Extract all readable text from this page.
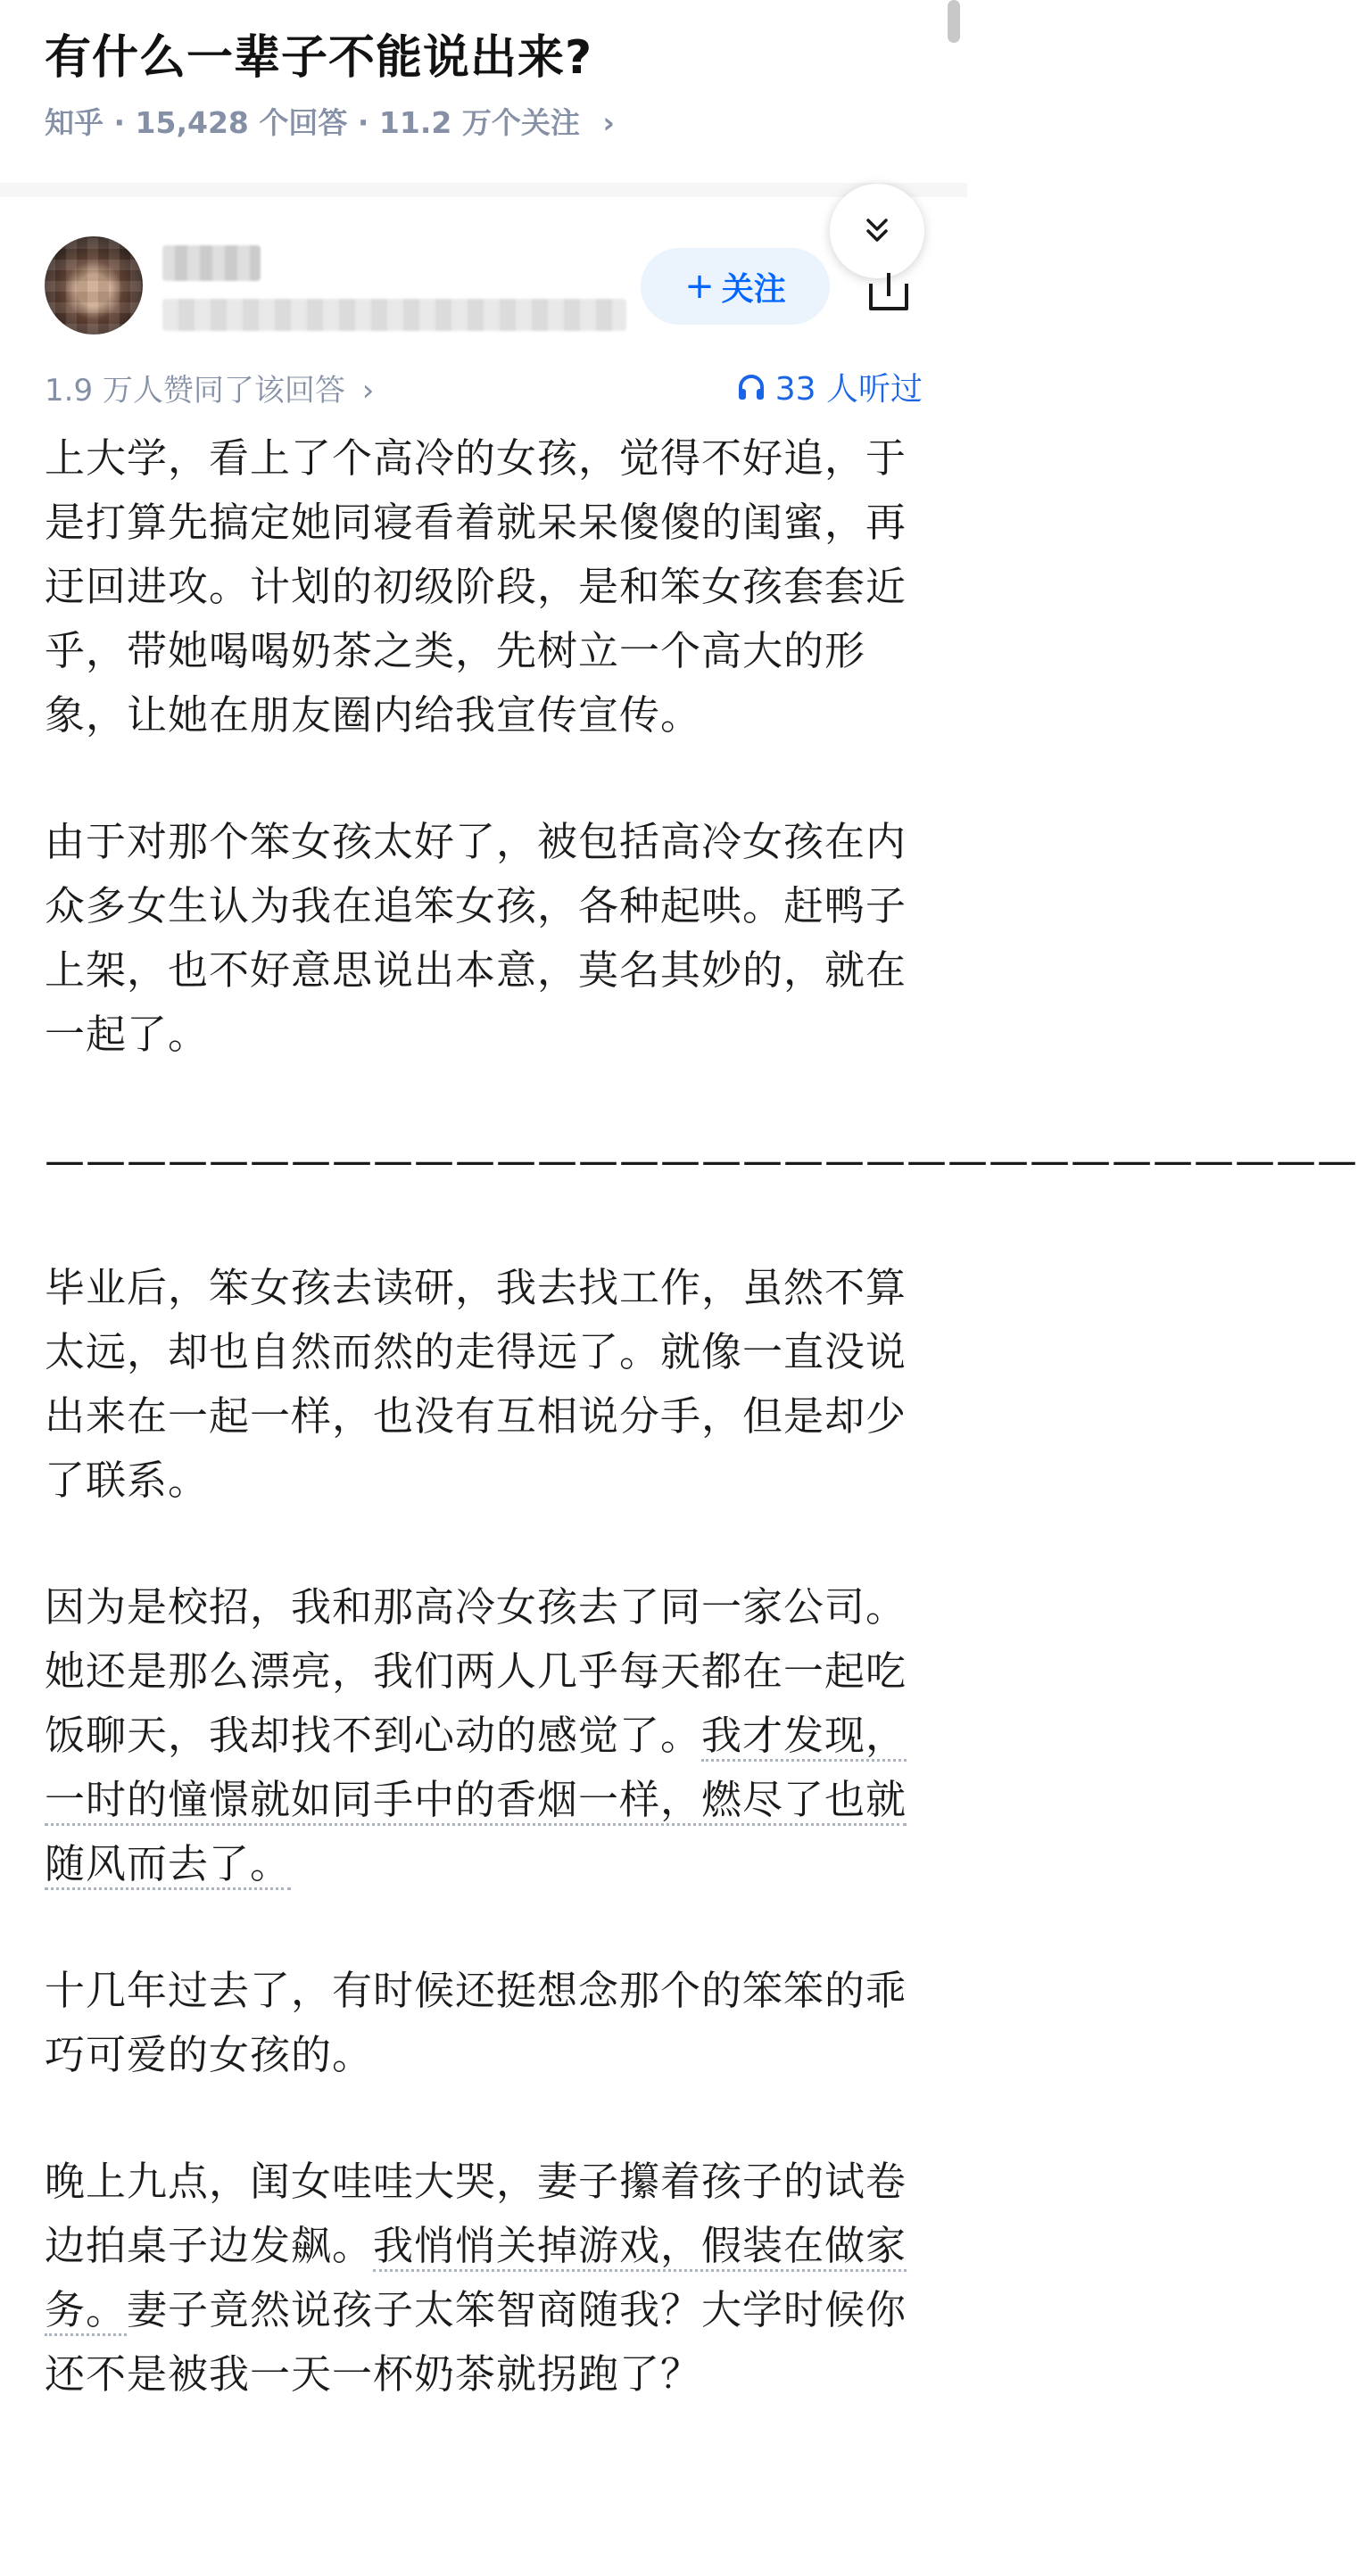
有什么一辈子不能说出来?
知乎 · 15,428 个回答 · 11.2 万个关注 ›
+ 关注
1.9 万人赞同了该回答 ›	33 人听过

上大学，看上了个高冷的女孩，觉得不好追，于是打算先搞定她同寝看着就呆呆傻傻的闺蜜，再迂回进攻。计划的初级阶段，是和笨女孩套套近乎，带她喝喝奶茶之类，先树立一个高大的形象，让她在朋友圈内给我宣传宣传。

由于对那个笨女孩太好了，被包括高冷女孩在内众多女生认为我在追笨女孩，各种起哄。赶鸭子上架，也不好意思说出本意，莫名其妙的，就在一起了。

————————————————————————————————

毕业后，笨女孩去读研，我去找工作，虽然不算太远，却也自然而然的走得远了。就像一直没说出来在一起一样，也没有互相说分手，但是却少了联系。

因为是校招，我和那高冷女孩去了同一家公司。她还是那么漂亮，我们两人几乎每天都在一起吃饭聊天，我却找不到心动的感觉了。我才发现，一时的憧憬就如同手中的香烟一样，燃尽了也就随风而去了。

十几年过去了，有时候还挺想念那个的笨笨的乖巧可爱的女孩的。

晚上九点，闺女哇哇大哭，妻子攥着孩子的试卷边拍桌子边发飙。我悄悄关掉游戏，假装在做家务。妻子竟然说孩子太笨智商随我？大学时候你还不是被我一天一杯奶茶就拐跑了？
